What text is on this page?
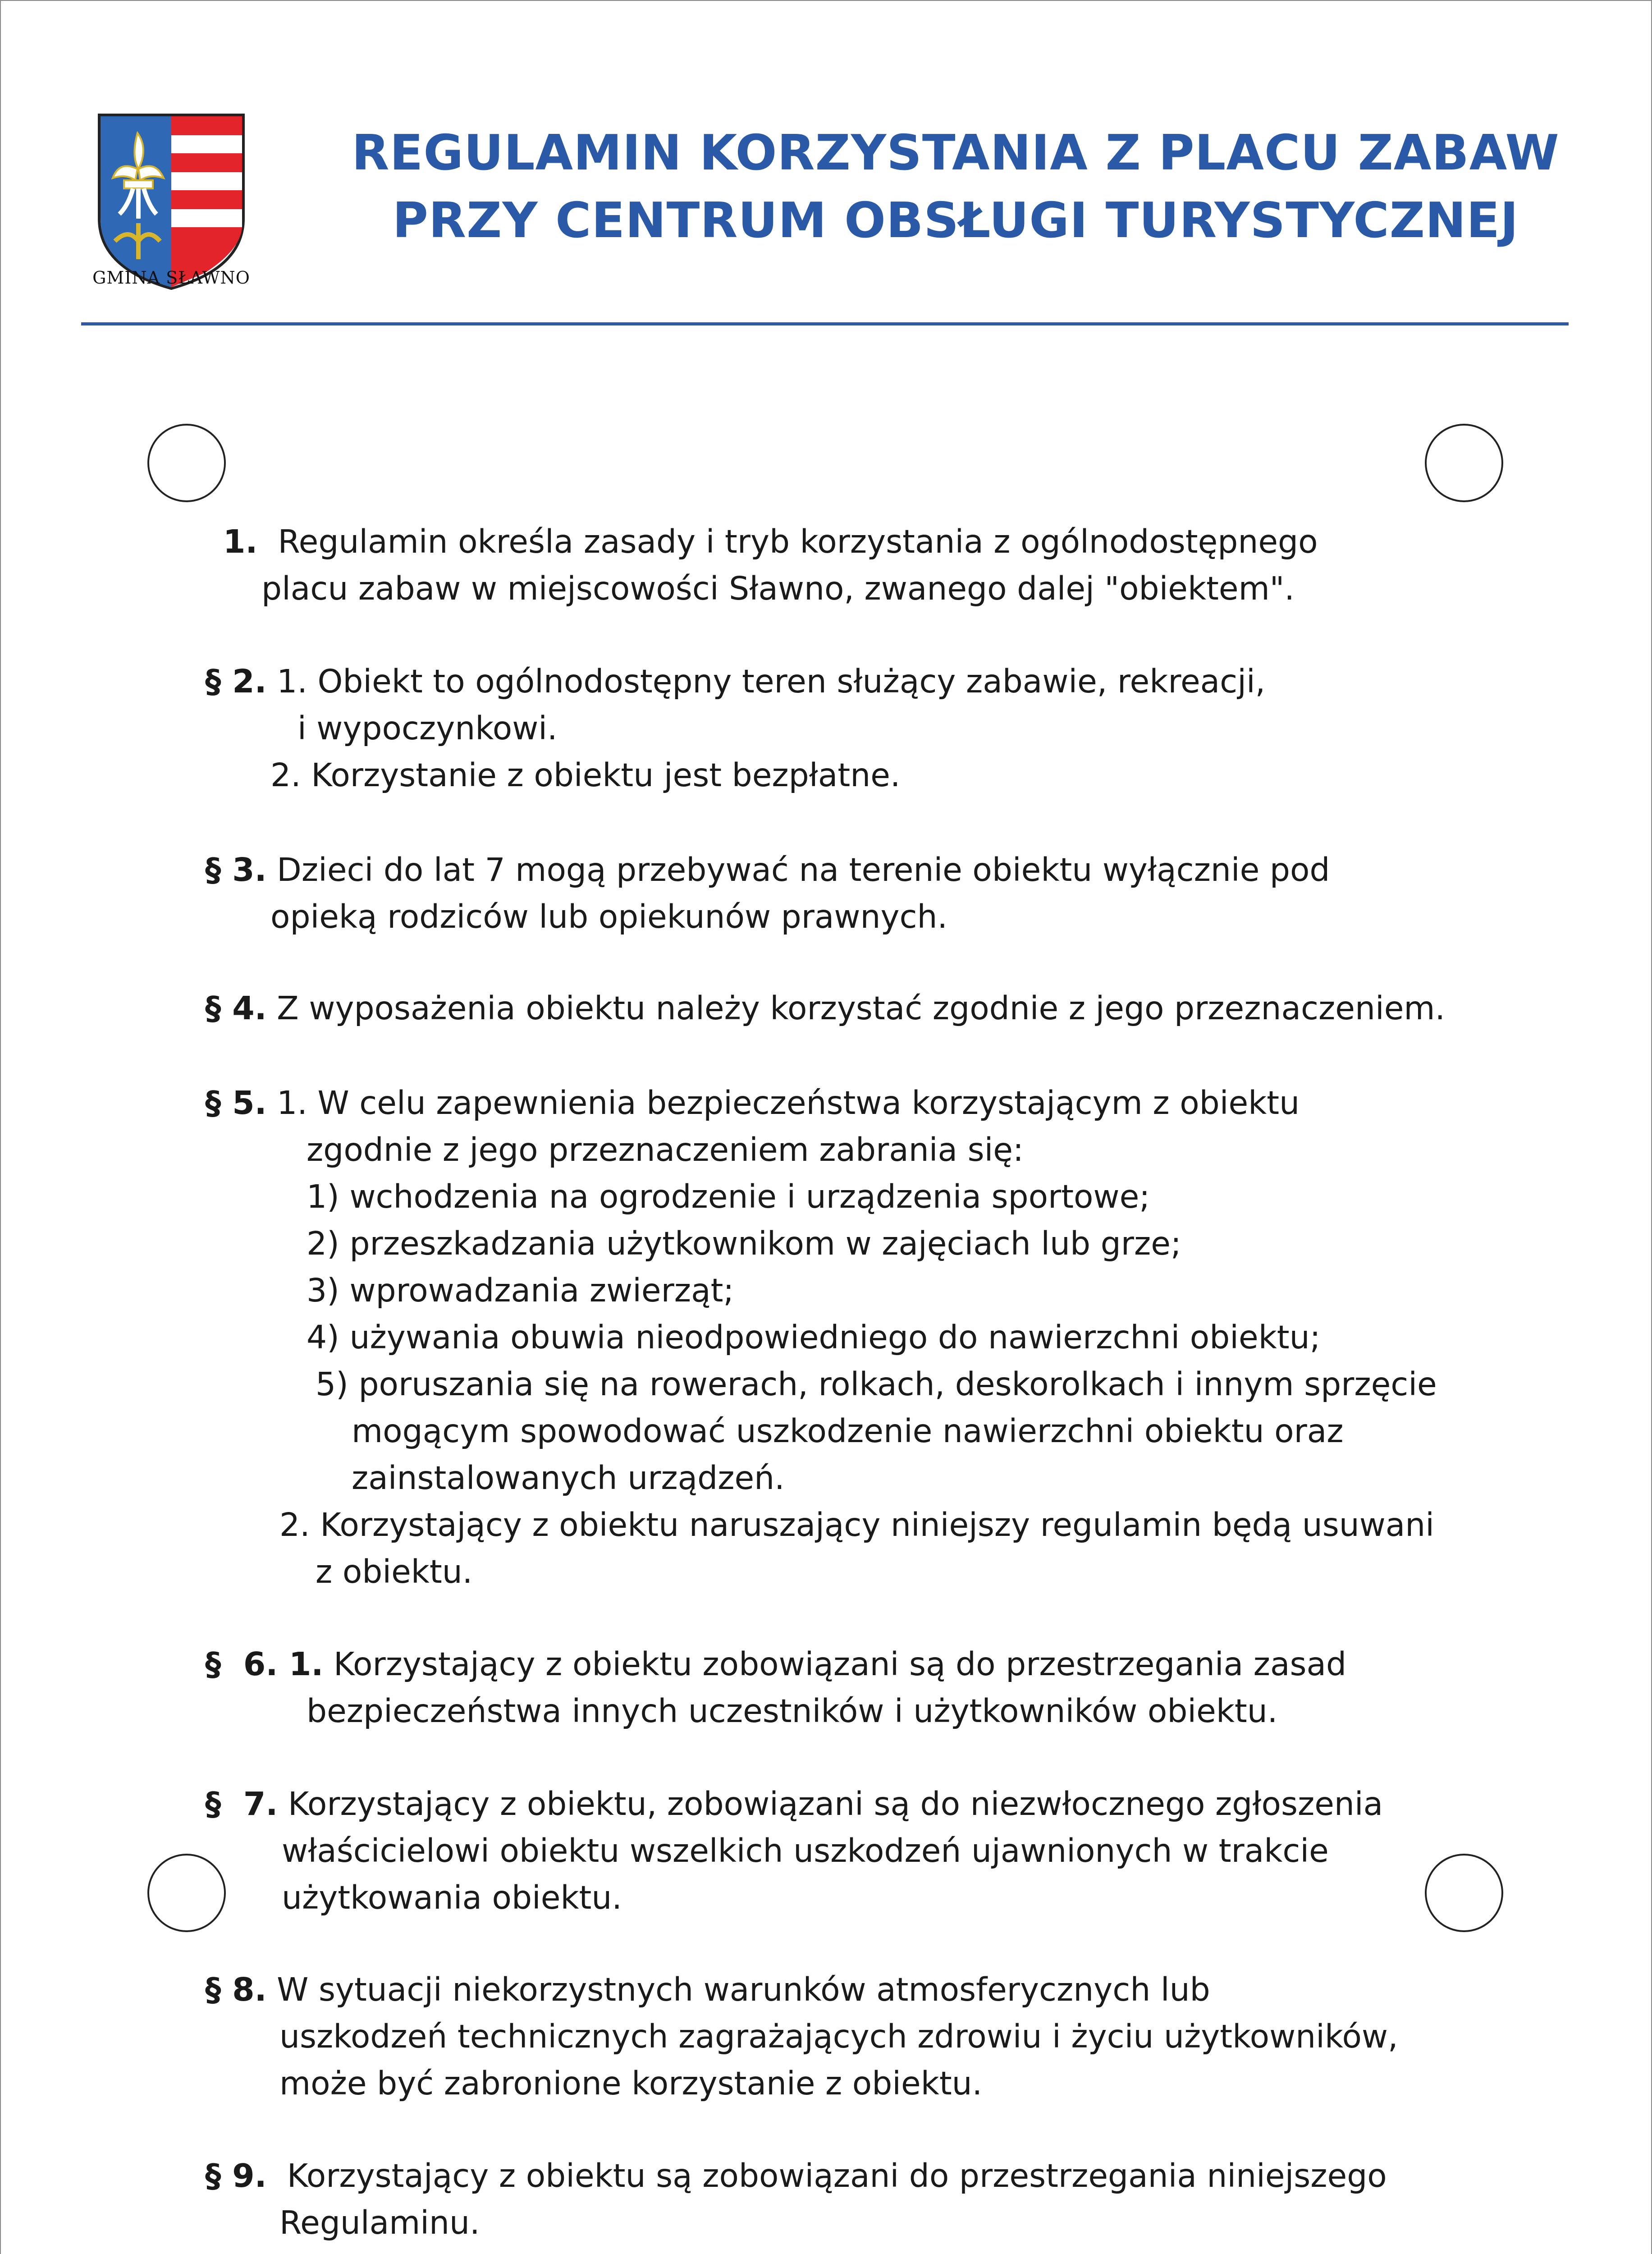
GMINA SŁAWNO
REGULAMIN KORZYSTANIA Z PLACU ZABAW
PRZY CENTRUM OBSŁUGI TURYSTYCZNEJ
1. Regulamin określa zasady i tryb korzystania z ogólnodostępnego
placu zabaw w miejscowości Sławno, zwanego dalej "obiektem".
§ 2. 1. Obiekt to ogólnodostępny teren służący zabawie, rekreacji,
i wypoczynkowi.
2. Korzystanie z obiektu jest bezpłatne.
§ 3. Dzieci do lat 7 mogą przebywać na terenie obiektu wyłącznie pod
opieką rodziców lub opiekunów prawnych.
§ 4. Z wyposażenia obiektu należy korzystać zgodnie z jego przeznaczeniem.
§ 5. 1. W celu zapewnienia bezpieczeństwa korzystającym z obiektu
zgodnie z jego przeznaczeniem zabrania się:
1) wchodzenia na ogrodzenie i urządzenia sportowe;
2) przeszkadzania użytkownikom w zajęciach lub grze;
3) wprowadzania zwierząt;
4) używania obuwia nieodpowiedniego do nawierzchni obiektu;
5) poruszania się na rowerach, rolkach, deskorolkach i innym sprzęcie
mogącym spowodować uszkodzenie nawierzchni obiektu oraz
zainstalowanych urządzeń.
2. Korzystający z obiektu naruszający niniejszy regulamin będą usuwani
z obiektu.
§  6. 1. Korzystający z obiektu zobowiązani są do przestrzegania zasad
bezpieczeństwa innych uczestników i użytkowników obiektu.
§  7. Korzystający z obiektu, zobowiązani są do niezwłocznego zgłoszenia
właścicielowi obiektu wszelkich uszkodzeń ujawnionych w trakcie
użytkowania obiektu.
§ 8. W sytuacji niekorzystnych warunków atmosferycznych lub
uszkodzeń technicznych zagrażających zdrowiu i życiu użytkowników,
może być zabronione korzystanie z obiektu.
§ 9.  Korzystający z obiektu są zobowiązani do przestrzegania niniejszego
Regulaminu.
